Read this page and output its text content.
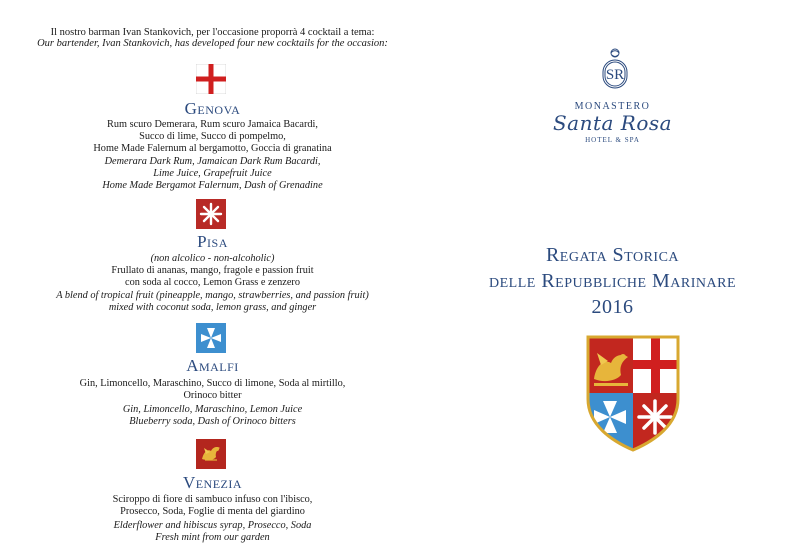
Il nostro barman Ivan Stankovich, per l'occasione proporrà 4 cocktail a tema:
Our bartender, Ivan Stankovich, has developed four new cocktails for the occasion:
Genova
Rum scuro Demerara, Rum scuro Jamaica Bacardi,
Succo di lime, Succo di pompelmo,
Home Made Falernum al bergamotto, Goccia di granatina
Demerara Dark Rum, Jamaican Dark Rum Bacardi,
Lime Juice, Grapefruit Juice
Home Made Bergamot Falernum, Dash of Grenadine
Pisa
(non alcolico - non-alcoholic)
Frullato di ananas, mango, fragole e passion fruit
con soda al cocco, Lemon Grass e zenzero
A blend of tropical fruit (pineapple, mango, strawberries, and passion fruit)
mixed with coconut soda, lemon grass, and ginger
Amalfi
Gin, Limoncello, Maraschino, Succo di limone, Soda al mirtillo,
Orinoco bitter
Gin, Limoncello, Maraschino, Lemon Juice
Blueberry soda, Dash of Orinoco bitters
Venezia
Sciroppo di fiore di sambuco infuso con l'ibisco,
Prosecco, Soda, Foglie di menta del giardino
Elderflower and hibiscus syrap, Prosecco, Soda
Fresh mint from our garden
SR
MONASTERO
Santa Rosa
HOTEL & SPA
Regata Storica
delle Repubbliche Marinare
2016
